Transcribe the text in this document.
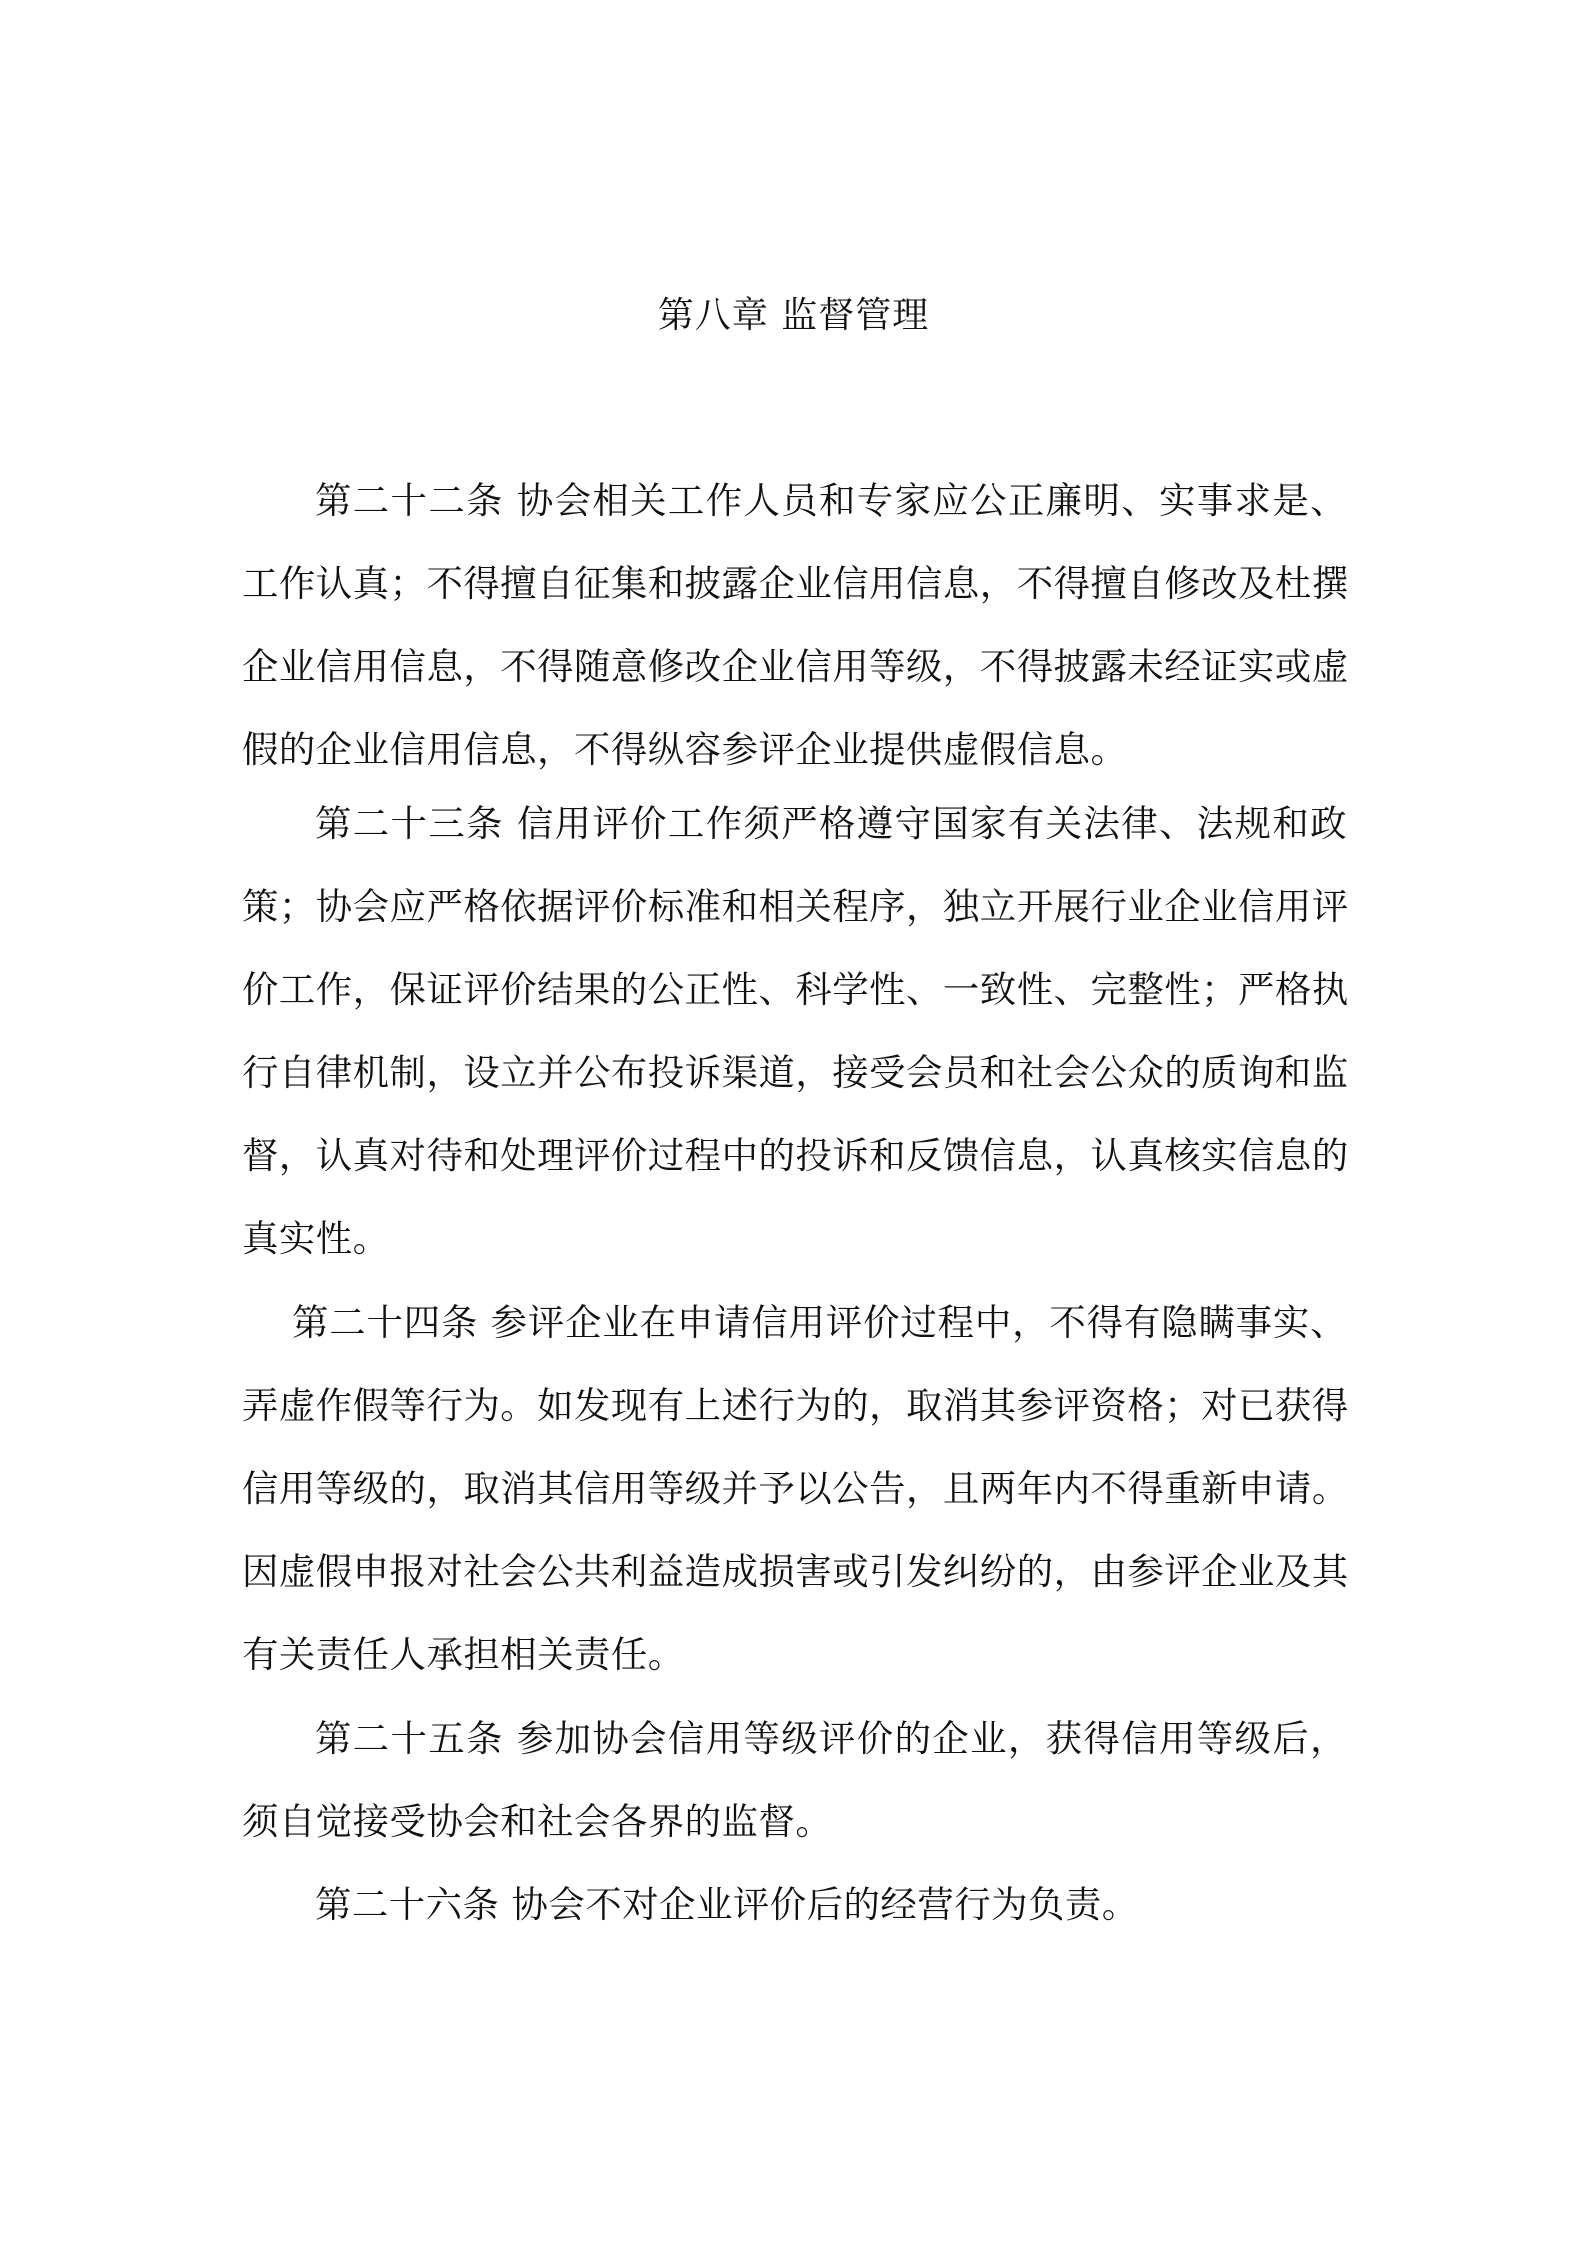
第八章 监督管理
第二十二条 协会相关工作人员和专家应公正廉明、实事求是、
工作认真；不得擅自征集和披露企业信用信息，不得擅自修改及杜撰
企业信用信息，不得随意修改企业信用等级，不得披露未经证实或虚
假的企业信用信息，不得纵容参评企业提供虚假信息。
第二十三条 信用评价工作须严格遵守国家有关法律、法规和政
策；协会应严格依据评价标准和相关程序，独立开展行业企业信用评
价工作，保证评价结果的公正性、科学性、一致性、完整性；严格执
行自律机制，设立并公布投诉渠道，接受会员和社会公众的质询和监
督，认真对待和处理评价过程中的投诉和反馈信息，认真核实信息的
真实性。
第二十四条 参评企业在申请信用评价过程中，不得有隐瞒事实、
弄虚作假等行为。如发现有上述行为的，取消其参评资格；对已获得
信用等级的，取消其信用等级并予以公告，且两年内不得重新申请。
因虚假申报对社会公共利益造成损害或引发纠纷的，由参评企业及其
有关责任人承担相关责任。
第二十五条 参加协会信用等级评价的企业，获得信用等级后，
须自觉接受协会和社会各界的监督。
第二十六条 协会不对企业评价后的经营行为负责。
